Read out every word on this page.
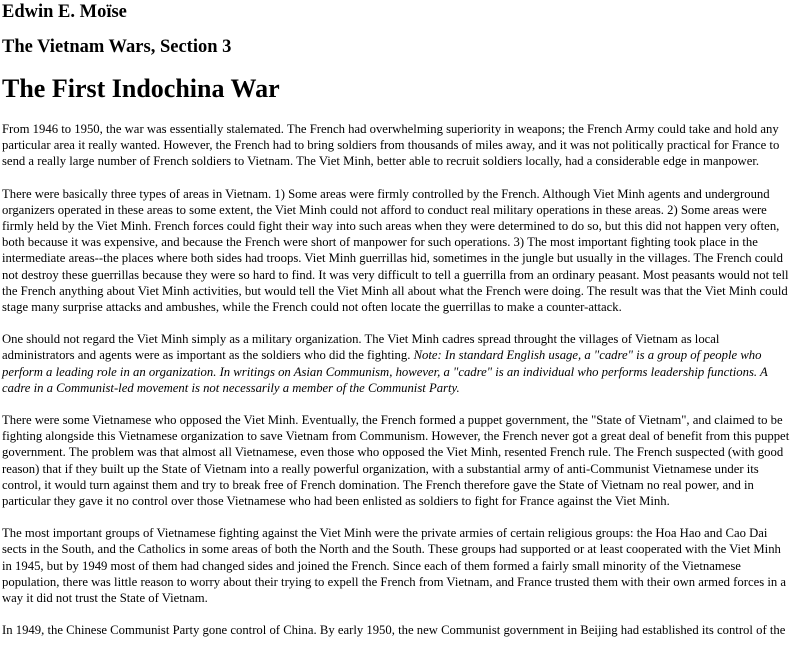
Edwin E. Moïse
The Vietnam Wars, Section 3
The First Indochina War

From 1946 to 1950, the war was essentially stalemated. The French had overwhelming superiority in weapons; the French Army could take and hold any particular area it really wanted. However, the French had to bring soldiers from thousands of miles away, and it was not politically practical for France to send a really large number of French soldiers to Vietnam. The Viet Minh, better able to recruit soldiers locally, had a considerable edge in manpower.

There were basically three types of areas in Vietnam. 1) Some areas were firmly controlled by the French. Although Viet Minh agents and underground organizers operated in these areas to some extent, the Viet Minh could not afford to conduct real military operations in these areas. 2) Some areas were firmly held by the Viet Minh. French forces could fight their way into such areas when they were determined to do so, but this did not happen very often, both because it was expensive, and because the French were short of manpower for such operations. 3) The most important fighting took place in the intermediate areas--the places where both sides had troops. Viet Minh guerrillas hid, sometimes in the jungle but usually in the villages. The French could not destroy these guerrillas because they were so hard to find. It was very difficult to tell a guerrilla from an ordinary peasant. Most peasants would not tell the French anything about Viet Minh activities, but would tell the Viet Minh all about what the French were doing. The result was that the Viet Minh could stage many surprise attacks and ambushes, while the French could not often locate the guerrillas to make a counter-attack.

One should not regard the Viet Minh simply as a military organization. The Viet Minh cadres spread throught the villages of Vietnam as local administrators and agents were as important as the soldiers who did the fighting. Note: In standard English usage, a "cadre" is a group of people who perform a leading role in an organization. In writings on Asian Communism, however, a "cadre" is an individual who performs leadership functions. A cadre in a Communist-led movement is not necessarily a member of the Communist Party.

There were some Vietnamese who opposed the Viet Minh. Eventually, the French formed a puppet government, the "State of Vietnam", and claimed to be fighting alongside this Vietnamese organization to save Vietnam from Communism. However, the French never got a great deal of benefit from this puppet government. The problem was that almost all Vietnamese, even those who opposed the Viet Minh, resented French rule. The French suspected (with good reason) that if they built up the State of Vietnam into a really powerful organization, with a substantial army of anti-Communist Vietnamese under its control, it would turn against them and try to break free of French domination. The French therefore gave the State of Vietnam no real power, and in particular they gave it no control over those Vietnamese who had been enlisted as soldiers to fight for France against the Viet Minh.

The most important groups of Vietnamese fighting against the Viet Minh were the private armies of certain religious groups: the Hoa Hao and Cao Dai sects in the South, and the Catholics in some areas of both the North and the South. These groups had supported or at least cooperated with the Viet Minh in 1945, but by 1949 most of them had changed sides and joined the French. Since each of them formed a fairly small minority of the Vietnamese population, there was little reason to worry about their trying to expell the French from Vietnam, and France trusted them with their own armed forces in a way it did not trust the State of Vietnam.

In 1949, the Chinese Communist Party gone control of China. By early 1950, the new Communist government in Beijing had established its control of the
